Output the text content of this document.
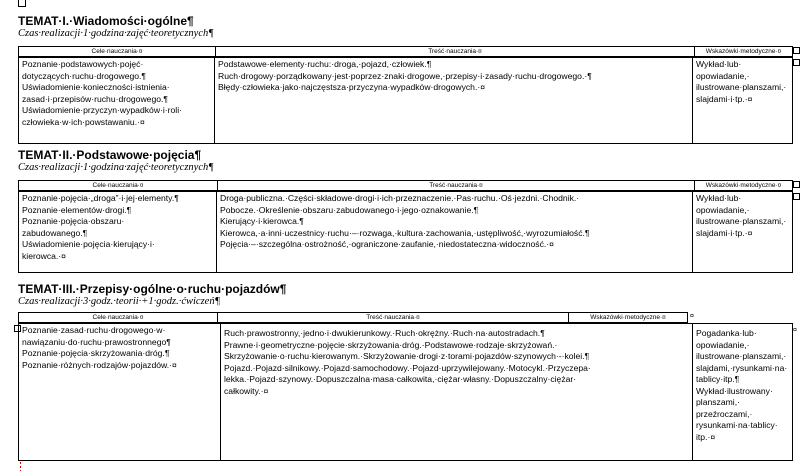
TEMAT·I.·Wiadomości·ogólne¶
Czas·realizacji·1·godzina·zajęć·teoretycznych¶
Cele·nauczania·¤	Treść·nauczania·¤	Wskazówki·metodyczne·¤
Poznanie·podstawowych·pojęć·
dotyczących·ruchu·drogowego.¶
Uświadomienie·konieczności·istnienia·
zasad·i·przepisów·ruchu·drogowego.¶
Uświadomienie·przyczyn·wypadków·i·roli·
człowieka·w·ich·powstawaniu.·¤
Podstawowe·elementy·ruchu:·droga,·pojazd,·człowiek.¶
Ruch·drogowy·porządkowany·jest·poprzez·znaki·drogowe,·przepisy·i·zasady·ruchu·drogowego.·¶
Błędy·człowieka·jako·najczęstsza·przyczyna·wypadków·drogowych.·¤
Wykład·lub·
opowiadanie,·
ilustrowane·planszami,·
slajdami·i·tp.·¤
TEMAT·II.·Podstawowe·pojęcia¶
Czas·realizacji·1·godzina·zajęć·teoretycznych¶
Cele·nauczania·¤	Treść·nauczania·¤	Wskazówki·metodyczne·¤
Poznanie·pojęcia·„droga”·i·jej·elementy.¶
Poznanie·elementów·drogi.¶
Poznanie·pojęcia·obszaru·
zabudowanego.¶
Uświadomienie·pojęcia·kierujący·i·
kierowca.·¤
Droga·publiczna.·Części·składowe·drogi·i·ich·przeznaczenie.·Pas·ruchu.·Oś·jezdni.·Chodnik.·
Pobocze.·Określenie·obszaru·zabudowanego·i·jego·oznakowanie.¶
Kierujący·i·kierowca.¶
Kierowca,·a·inni·uczestnicy·ruchu·–·rozwaga,·kultura·zachowania,·ustępliwość,·wyrozumiałość.¶
Pojęcia·–·szczególna·ostrożność,·ograniczone·zaufanie,·niedostateczna·widoczność.·¤
Wykład·lub·
opowiadanie,·
ilustrowane·planszami,·
slajdami·i·tp.·¤
TEMAT·III.·Przepisy·ogólne·o·ruchu·pojazdów¶
Czas·realizacji·3·godz.·teorii·+1·godz.·ćwiczeń¶
Cele·nauczania·¤	Treść·nauczania·¤	Wskazówki·metodyczne·¤	¤
Poznanie·zasad·ruchu·drogowego·w·
nawiązaniu·do·ruchu·prawostronnego¶
Poznanie·pojęcia·skrzyżowania·dróg.¶
Poznanie·różnych·rodzajów·pojazdów.·¤
Ruch·prawostronny,·jedno·i·dwukierunkowy.·Ruch·okrężny.·Ruch·na·autostradach.¶
Prawne·i·geometryczne·pojęcie·skrzyżowania·dróg.·Podstawowe·rodzaje·skrzyżowań.·
Skrzyżowanie·o·ruchu·kierowanym.·Skrzyżowanie·drogi·z·torami·pojazdów·szynowych·-·kolei.¶
Pojazd.·Pojazd·silnikowy.·Pojazd·samochodowy.·Pojazd·uprzywilejowany.·Motocykl.·Przyczepa·
lekka.·Pojazd·szynowy.·Dopuszczalna·masa·całkowita,·ciężar·własny.·Dopuszczalny·ciężar·
całkowity.·¤
Pogadanka·lub·
opowiadanie,·
ilustrowane·planszami,·
slajdami,·rysunkami·na·
tablicy·itp.¶
Wykład·ilustrowany·
planszami,·
przeźroczami,·
rysunkami·na·tablicy·
itp.·¤
¤
